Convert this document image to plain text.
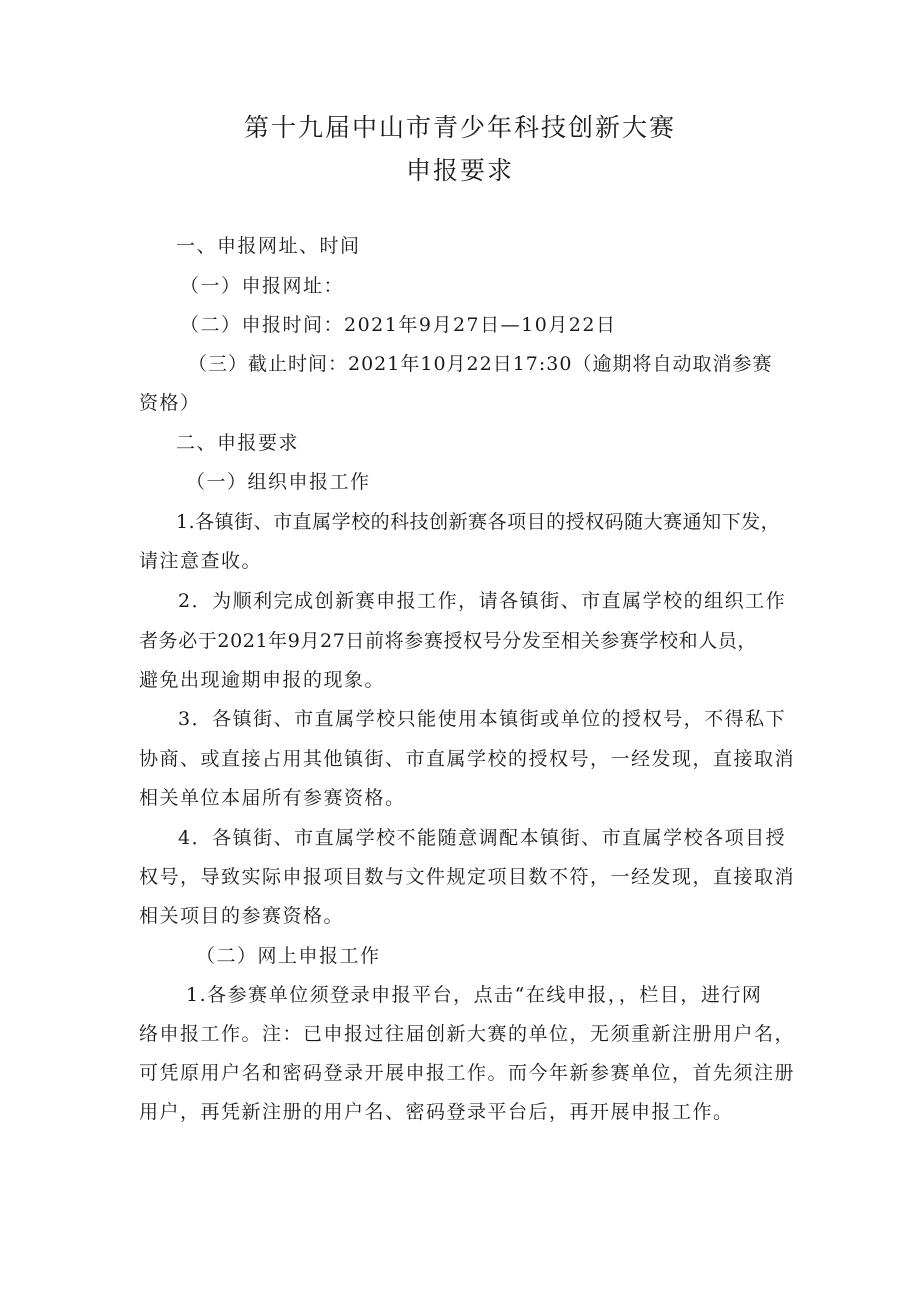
第十九届中山市青少年科技创新大赛
申报要求
一、申报网址、时间
（一）申报网址：
（二）申报时间：2021年9月27日—10月22日
（三）截止时间：2021年10月22日17:30（逾期将自动取消参赛
资格）
二、申报要求
（一）组织申报工作
1.各镇街、市直属学校的科技创新赛各项目的授权码随大赛通知下发，
请注意查收。
2．为顺利完成创新赛申报工作，请各镇街、市直属学校的组织工作
者务必于2021年9月27日前将参赛授权号分发至相关参赛学校和人员，
避免出现逾期申报的现象。
3．各镇街、市直属学校只能使用本镇街或单位的授权号，不得私下
协商、或直接占用其他镇街、市直属学校的授权号，一经发现，直接取消
相关单位本届所有参赛资格。
4．各镇街、市直属学校不能随意调配本镇街、市直属学校各项目授
权号，导致实际申报项目数与文件规定项目数不符，一经发现，直接取消
相关项目的参赛资格。
（二）网上申报工作
1.各参赛单位须登录申报平台，点击“在线申报，，栏目，进行网
络申报工作。注：已申报过往届创新大赛的单位，无须重新注册用户名，
可凭原用户名和密码登录开展申报工作。而今年新参赛单位，首先须注册
用户，再凭新注册的用户名、密码登录平台后，再开展申报工作。
